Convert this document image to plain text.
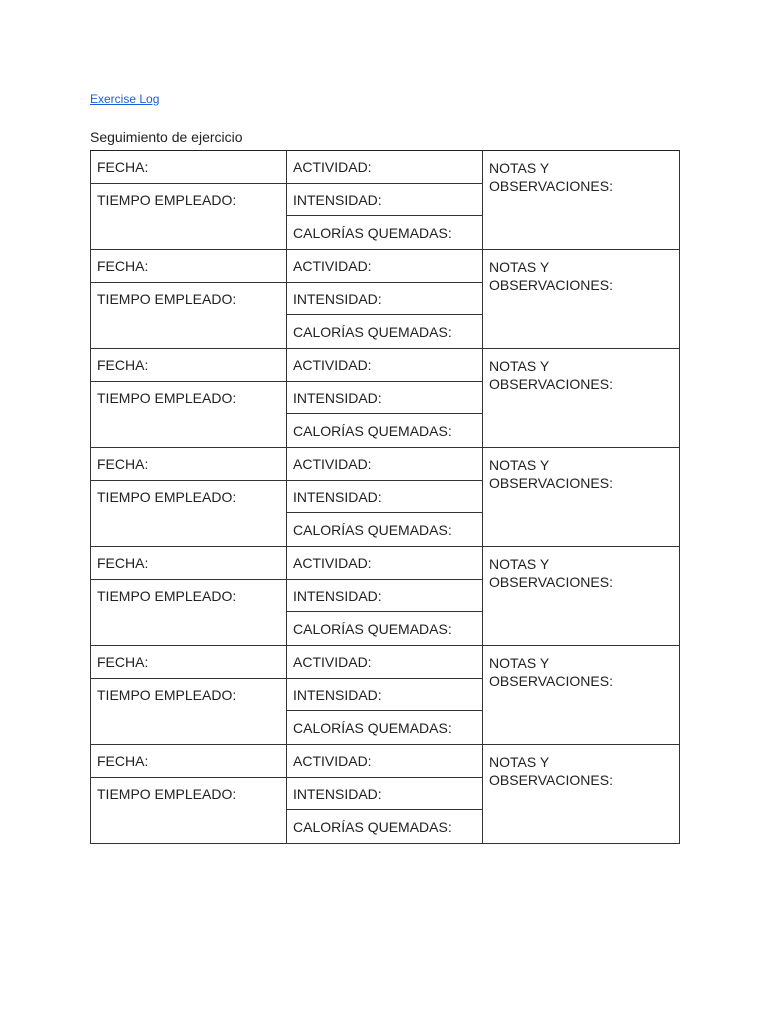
Exercise Log
Seguimiento de ejercicio
FECHA:	ACTIVIDAD:	NOTAS Y OBSERVACIONES:
TIEMPO EMPLEADO:	INTENSIDAD:	
	CALORÍAS QUEMADAS:	
FECHA:	ACTIVIDAD:	NOTAS Y OBSERVACIONES:
TIEMPO EMPLEADO:	INTENSIDAD:	
	CALORÍAS QUEMADAS:	
FECHA:	ACTIVIDAD:	NOTAS Y OBSERVACIONES:
TIEMPO EMPLEADO:	INTENSIDAD:	
	CALORÍAS QUEMADAS:	
FECHA:	ACTIVIDAD:	NOTAS Y OBSERVACIONES:
TIEMPO EMPLEADO:	INTENSIDAD:	
	CALORÍAS QUEMADAS:	
FECHA:	ACTIVIDAD:	NOTAS Y OBSERVACIONES:
TIEMPO EMPLEADO:	INTENSIDAD:	
	CALORÍAS QUEMADAS:	
FECHA:	ACTIVIDAD:	NOTAS Y OBSERVACIONES:
TIEMPO EMPLEADO:	INTENSIDAD:	
	CALORÍAS QUEMADAS:	
FECHA:	ACTIVIDAD:	NOTAS Y OBSERVACIONES:
TIEMPO EMPLEADO:	INTENSIDAD:	
	CALORÍAS QUEMADAS:	
